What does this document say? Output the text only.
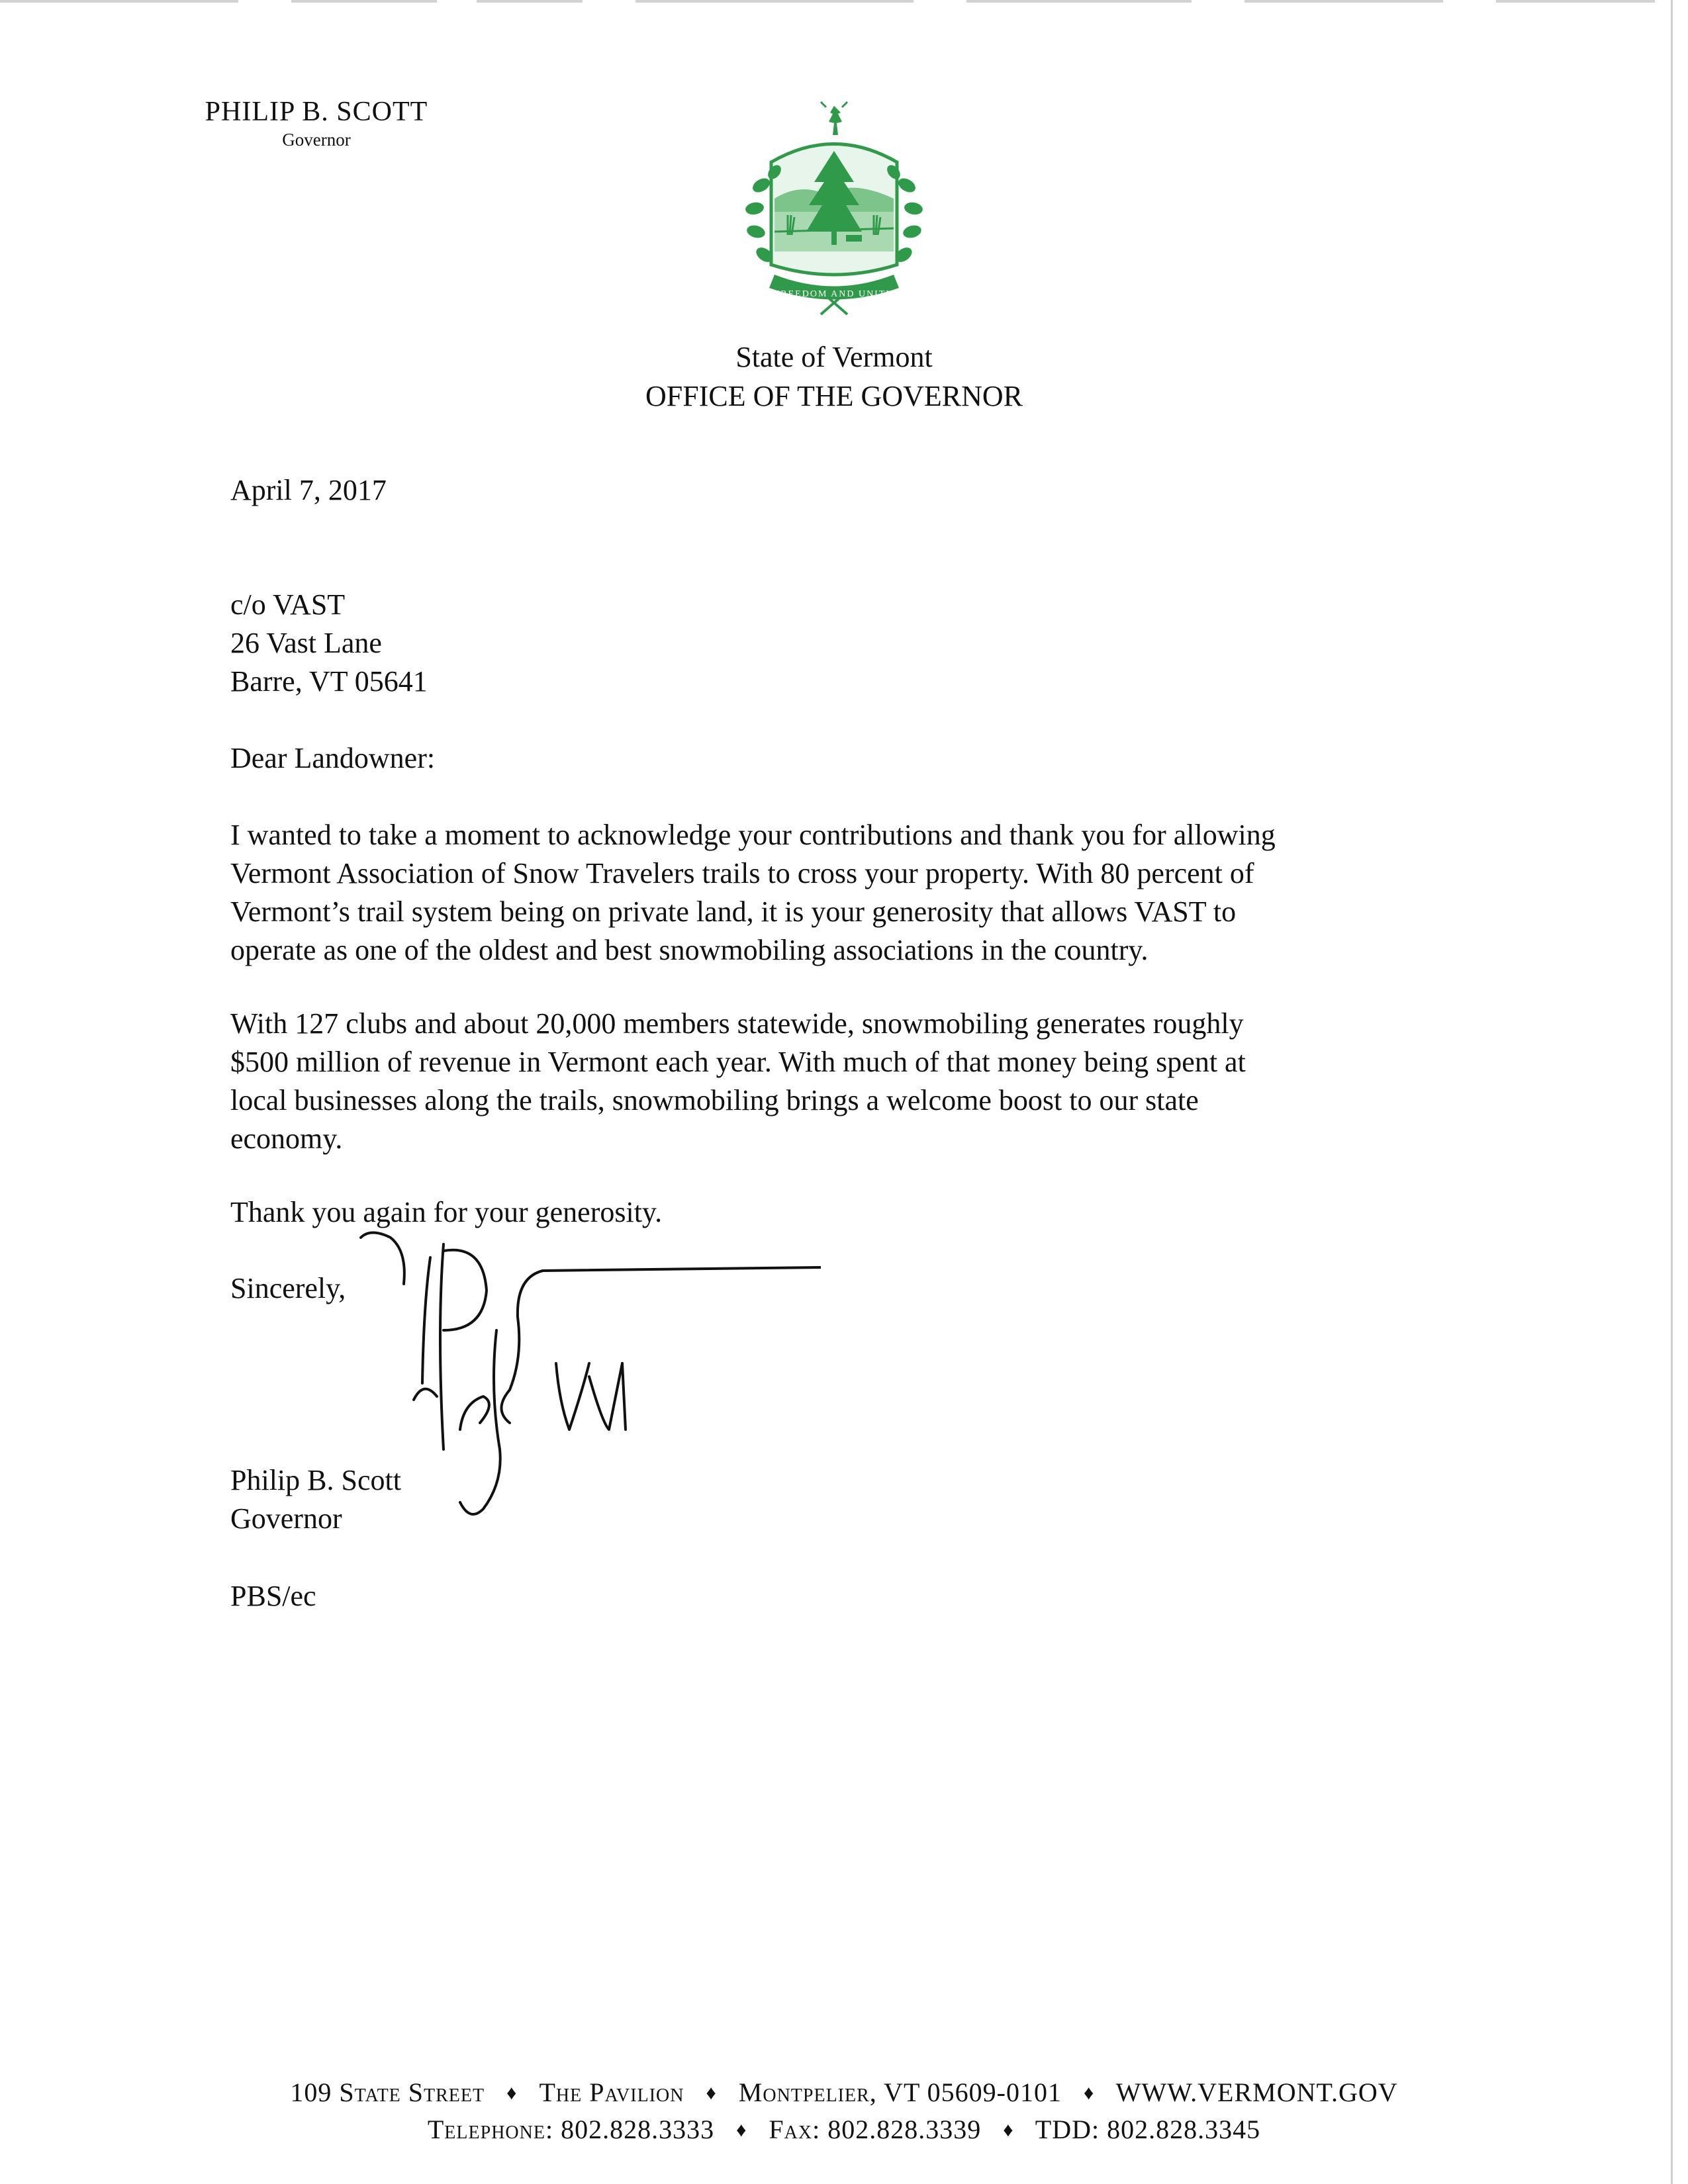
PHILIP B. SCOTT
Governor
FREEDOM AND UNITY
State of Vermont
OFFICE OF THE GOVERNOR
April 7, 2017

c/o VAST

26 Vast Lane

Barre, VT 05641

Dear Landowner:

I wanted to take a moment to acknowledge your contributions and thank you for allowing

Vermont Association of Snow Travelers trails to cross your property. With 80 percent of

Vermont’s trail system being on private land, it is your generosity that allows VAST to

operate as one of the oldest and best snowmobiling associations in the country.

With 127 clubs and about 20,000 members statewide, snowmobiling generates roughly

$500 million of revenue in Vermont each year. With much of that money being spent at

local businesses along the trails, snowmobiling brings a welcome boost to our state

economy.

Thank you again for your generosity.
Sincerely,

Philip B. Scott

Governor

PBS/ec
109 State Street ♦ The Pavilion ♦ Montpelier, VT 05609-0101 ♦ WWW.VERMONT.GOV
Telephone: 802.828.3333 ♦ Fax: 802.828.3339 ♦ TDD: 802.828.3345
